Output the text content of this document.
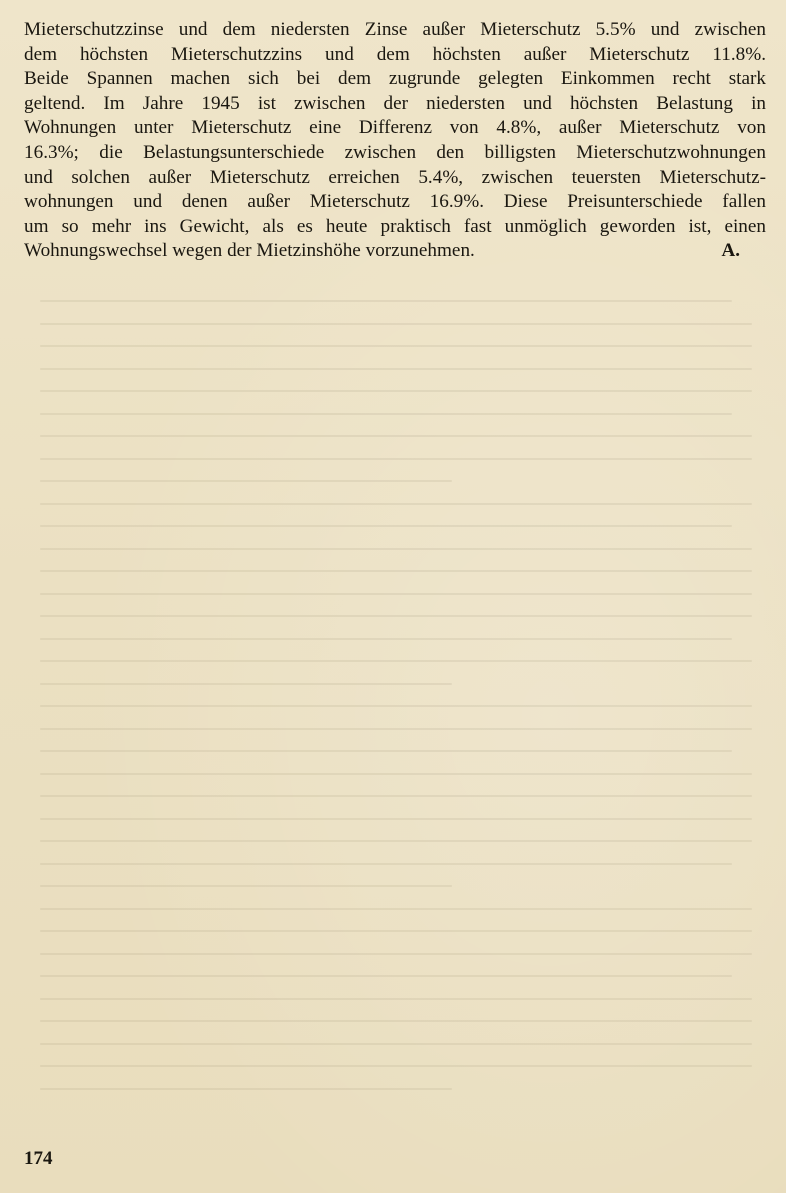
Mieterschutzzinse und dem niedersten Zinse außer Mieterschutz 5.5% und zwischen
dem höchsten Mieterschutzzins und dem höchsten außer Mieterschutz 11.8%.
Beide Spannen machen sich bei dem zugrunde gelegten Einkommen recht stark
geltend. Im Jahre 1945 ist zwischen der niedersten und höchsten Belastung in
Wohnungen unter Mieterschutz eine Differenz von 4.8%, außer Mieterschutz von
16.3%; die Belastungsunterschiede zwischen den billigsten Mieterschutzwohnungen
und solchen außer Mieterschutz erreichen 5.4%, zwischen teuersten Mieterschutz-
wohnungen und denen außer Mieterschutz 16.9%. Diese Preisunterschiede fallen
um so mehr ins Gewicht, als es heute praktisch fast unmöglich geworden ist, einen
Wohnungswechsel wegen der Mietzinshöhe vorzunehmen.	A.
174
